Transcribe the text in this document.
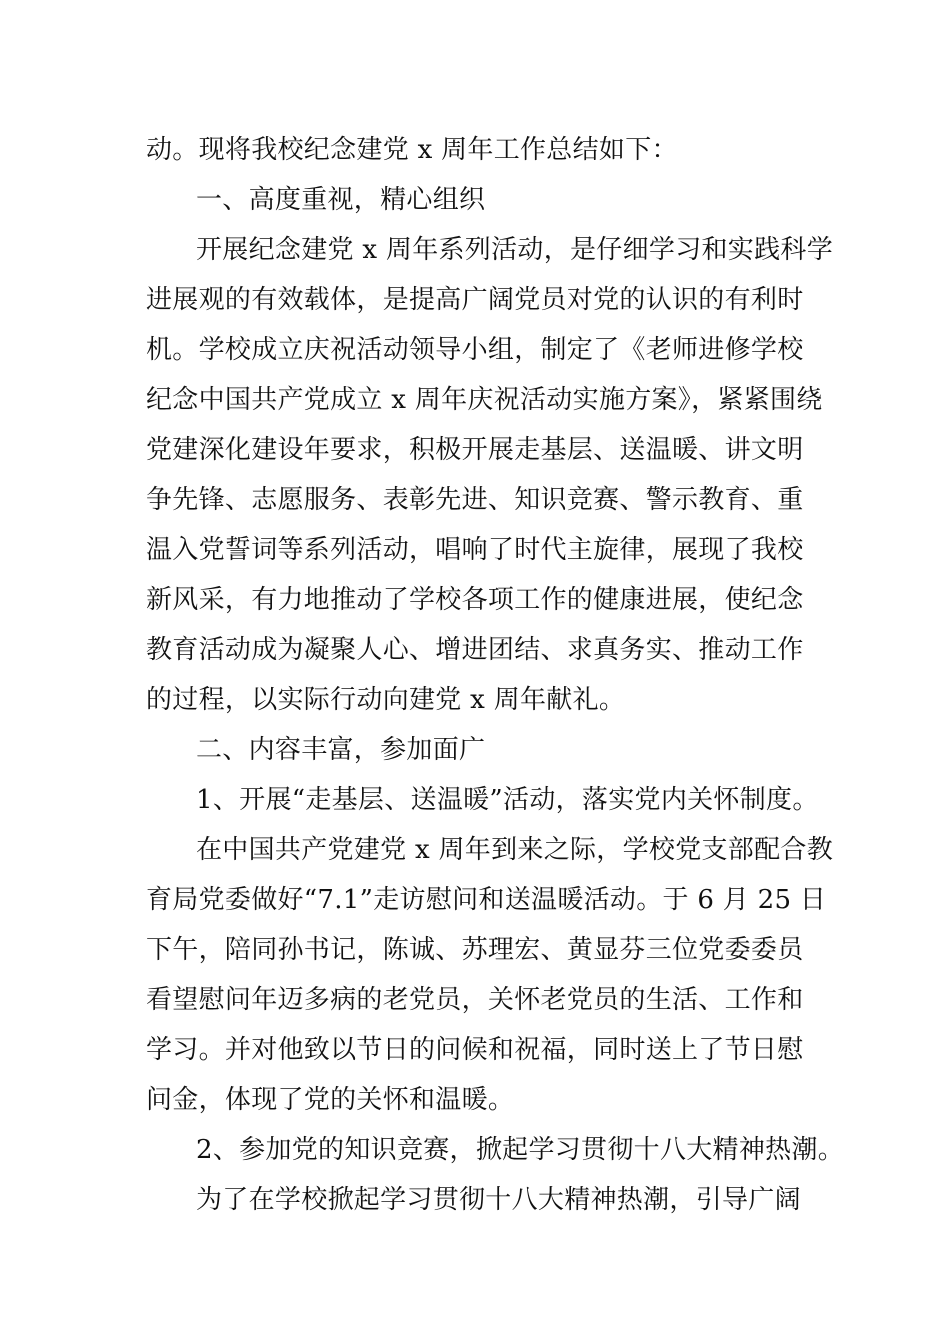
动。现将我校纪念建党 x 周年工作总结如下：
一、高度重视，精心组织
开展纪念建党 x 周年系列活动，是仔细学习和实践科学
进展观的有效载体，是提高广阔党员对党的认识的有利时
机。学校成立庆祝活动领导小组，制定了《老师进修学校
纪念中国共产党成立 x 周年庆祝活动实施方案》，紧紧围绕
党建深化建设年要求，积极开展走基层、送温暖、讲文明
争先锋、志愿服务、表彰先进、知识竞赛、警示教育、重
温入党誓词等系列活动，唱响了时代主旋律，展现了我校
新风采，有力地推动了学校各项工作的健康进展，使纪念
教育活动成为凝聚人心、增进团结、求真务实、推动工作
的过程，以实际行动向建党 x 周年献礼。
二、内容丰富，参加面广
1、开展“走基层、送温暖”活动，落实党内关怀制度。
在中国共产党建党 x 周年到来之际，学校党支部配合教
育局党委做好“7.1”走访慰问和送温暖活动。于 6 月 25 日
下午，陪同孙书记，陈诚、苏理宏、黄显芬三位党委委员
看望慰问年迈多病的老党员，关怀老党员的生活、工作和
学习。并对他致以节日的问候和祝福，同时送上了节日慰
问金，体现了党的关怀和温暖。
2、参加党的知识竞赛，掀起学习贯彻十八大精神热潮。
为了在学校掀起学习贯彻十八大精神热潮，引导广阔
